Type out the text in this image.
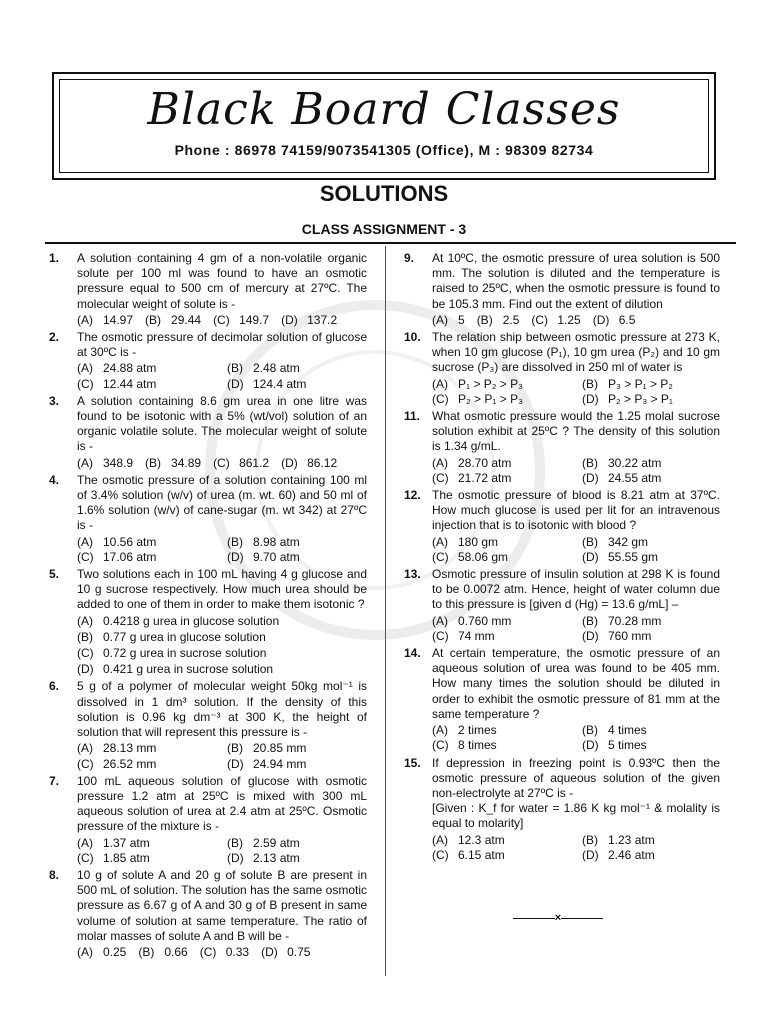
Black Board Classes
Phone : 86978 74159/9073541305 (Office), M : 98309 82734
SOLUTIONS
CLASS ASSIGNMENT - 3
1. A solution containing 4 gm of a non-volatile organic solute per 100 ml was found to have an osmotic pressure equal to 500 cm of mercury at 27ºC. The molecular weight of solute is -
(A) 14.97 (B) 29.44 (C) 149.7 (D) 137.2
2. The osmotic pressure of decimolar solution of glucose at 30ºC is -
(A) 24.88 atm	(B) 2.48 atm
(C) 12.44 atm	(D) 124.4 atm
3. A solution containing 8.6 gm urea in one litre was found to be isotonic with a 5% (wt/vol) solution of an organic volatile solute. The molecular weight of solute is -
(A) 348.9 (B) 34.89 (C) 861.2 (D) 86.12
4. The osmotic pressure of a solution containing 100 ml of 3.4% solution (w/v) of urea (m. wt. 60) and 50 ml of 1.6% solution (w/v) of cane-sugar (m. wt 342) at 27ºC is -
(A) 10.56 atm	(B) 8.98 atm
(C) 17.06 atm	(D) 9.70 atm
5. Two solutions each in 100 mL having 4 g glucose and 10 g sucrose respectively. How much urea should be added to one of them in order to make them isotonic ?
(A) 0.4218 g urea in glucose solution
(B) 0.77 g urea in glucose solution
(C) 0.72 g urea in sucrose solution
(D) 0.421 g urea in sucrose solution
6. 5 g of a polymer of molecular weight 50kg mol⁻¹ is dissolved in 1 dm³ solution. If the density of this solution is 0.96 kg dm⁻³ at 300 K, the height of solution that will represent this pressure is -
(A) 28.13 mm	(B) 20.85 mm
(C) 26.52 mm	(D) 24.94 mm
7. 100 mL aqueous solution of glucose with osmotic pressure 1.2 atm at 25ºC is mixed with 300 mL aqueous solution of urea at 2.4 atm at 25ºC. Osmotic pressure of the mixture is -
(A) 1.37 atm	(B) 2.59 atm
(C) 1.85 atm	(D) 2.13 atm
8. 10 g of solute A and 20 g of solute B are present in 500 mL of solution. The solution has the same osmotic pressure as 6.67 g of A and 30 g of B present in same volume of solution at same temperature. The ratio of molar masses of solute A and B will be -
(A) 0.25 (B) 0.66 (C) 0.33 (D) 0.75
9. At 10ºC, the osmotic pressure of urea solution is 500 mm. The solution is diluted and the temperature is raised to 25ºC, when the osmotic pressure is found to be 105.3 mm. Find out the extent of dilution
(A) 5 (B) 2.5 (C) 1.25 (D) 6.5
10. The relation ship between osmotic pressure at 273 K, when 10 gm glucose (P₁), 10 gm urea (P₂) and 10 gm sucrose (P₃) are dissolved in 250 ml of water is
(A) P₁ > P₂ > P₃	(B) P₃ > P₁ > P₂
(C) P₂ > P₁ > P₃	(D) P₂ > P₃ > P₁
11. What osmotic pressure would the 1.25 molal sucrose solution exhibit at 25ºC ? The density of this solution is 1.34 g/mL.
(A) 28.70 atm	(B) 30.22 atm
(C) 21.72 atm	(D) 24.55 atm
12. The osmotic pressure of blood is 8.21 atm at 37ºC. How much glucose is used per lit for an intravenous injection that is to isotonic with blood ?
(A) 180 gm	(B) 342 gm
(C) 58.06 gm	(D) 55.55 gm
13. Osmotic pressure of insulin solution at 298 K is found to be 0.0072 atm. Hence, height of water column due to this pressure is [given d (Hg) = 13.6 g/mL] –
(A) 0.760 mm	(B) 70.28 mm
(C) 74 mm	(D) 760 mm
14. At certain temperature, the osmotic pressure of an aqueous solution of urea was found to be 405 mm. How many times the solution should be diluted in order to exhibit the osmotic pressure of 81 mm at the same temperature ?
(A) 2 times	(B) 4 times
(C) 8 times	(D) 5 times
15. If depression in freezing point is 0.93ºC then the osmotic pressure of aqueous solution of the given non-electrolyte at 27ºC is -
[Given : K_f for water = 1.86 K kg mol⁻¹ & molality is equal to molarity]
(A) 12.3 atm	(B) 1.23 atm
(C) 6.15 atm	(D) 2.46 atm
×
